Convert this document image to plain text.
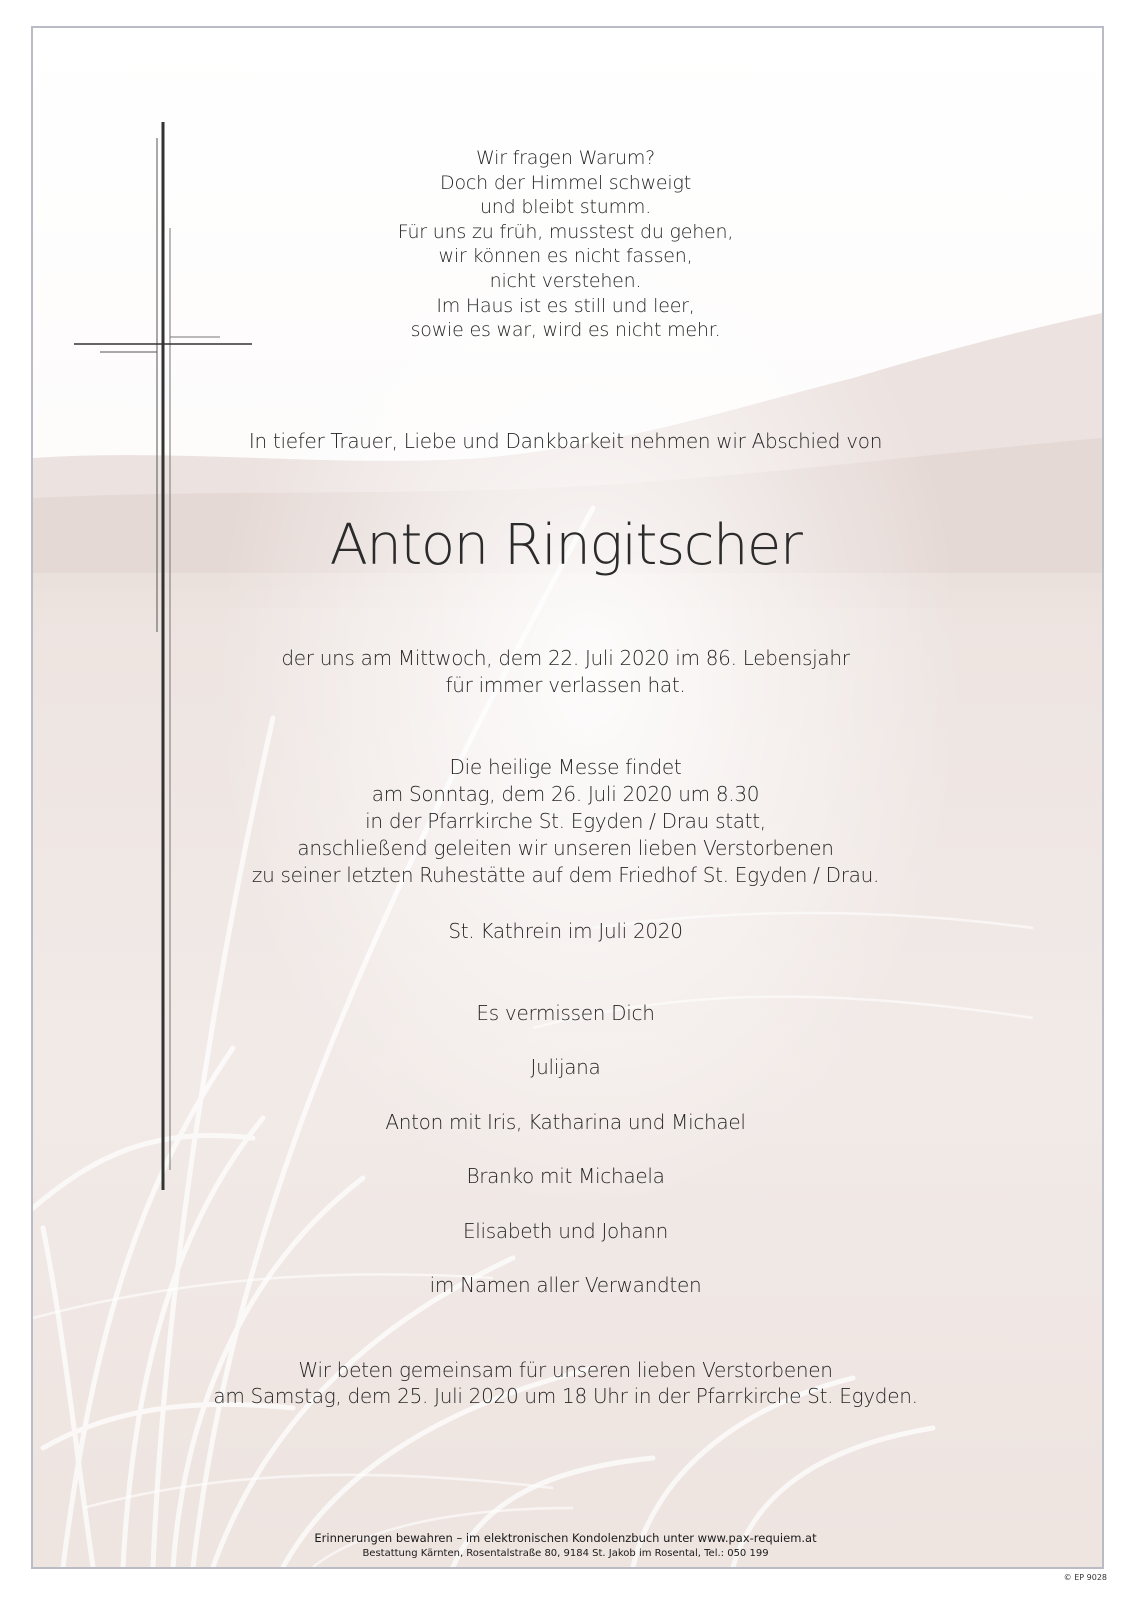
Wir fragen Warum?
Doch der Himmel schweigt
und bleibt stumm.
Für uns zu früh, musstest du gehen,
wir können es nicht fassen,
nicht verstehen.
Im Haus ist es still und leer,
sowie es war, wird es nicht mehr.
In tiefer Trauer, Liebe und Dankbarkeit nehmen wir Abschied von
Anton Ringitscher
der uns am Mittwoch, dem 22. Juli 2020 im 86. Lebensjahr
für immer verlassen hat.
Die heilige Messe findet
am Sonntag, dem 26. Juli 2020 um 8.30
in der Pfarrkirche St. Egyden / Drau statt,
anschließend geleiten wir unseren lieben Verstorbenen
zu seiner letzten Ruhestätte auf dem Friedhof St. Egyden / Drau.
St. Kathrein im Juli 2020
Es vermissen Dich
Julijana
Anton mit Iris, Katharina und Michael
Branko mit Michaela
Elisabeth und Johann
im Namen aller Verwandten
Wir beten gemeinsam für unseren lieben Verstorbenen
am Samstag, dem 25. Juli 2020 um 18 Uhr in der Pfarrkirche St. Egyden.
Erinnerungen bewahren – im elektronischen Kondolenzbuch unter www.pax-requiem.at
Bestattung Kärnten, Rosentalstraße 80, 9184 St. Jakob im Rosental, Tel.: 050 199
© EP 9028
